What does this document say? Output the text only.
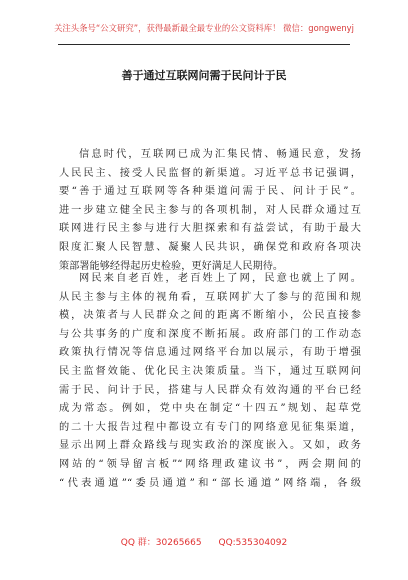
关注头条号“公文研究”，获得最新最全最专业的公文资料库！ 微信：gongwenyj
善于通过互联网问需于民问计于民
信息时代，互联网已成为汇集民情、畅通民意，发扬
人民民主、接受人民监督的新渠道。习近平总书记强调，
要“善于通过互联网等各种渠道问需于民、问计于民”。
进一步建立健全民主参与的各项机制，对人民群众通过互
联网进行民主参与进行大胆探索和有益尝试，有助于最大
限度汇聚人民智慧、凝聚人民共识，确保党和政府各项决
策部署能够经得起历史检验，更好满足人民期待。
网民来自老百姓，老百姓上了网，民意也就上了网。
从民主参与主体的视角看，互联网扩大了参与的范围和规
模，决策者与人民群众之间的距离不断缩小，公民直接参
与公共事务的广度和深度不断拓展。政府部门的工作动态
政策执行情况等信息通过网络平台加以展示，有助于增强
民主监督效能、优化民主决策质量。当下，通过互联网问
需于民、问计于民，搭建与人民群众有效沟通的平台已经
成为常态。例如，党中央在制定“十四五”规划、起草党
的二十大报告过程中都设立有专门的网络意见征集渠道，
显示出网上群众路线与现实政治的深度嵌入。又如，政务
网站的“领导留言板”“网络理政建议书”，两会期间的
“代表通道”“委员通道”和“部长通道”网络端，各级
QQ 群：30265665 QQ:535304092
